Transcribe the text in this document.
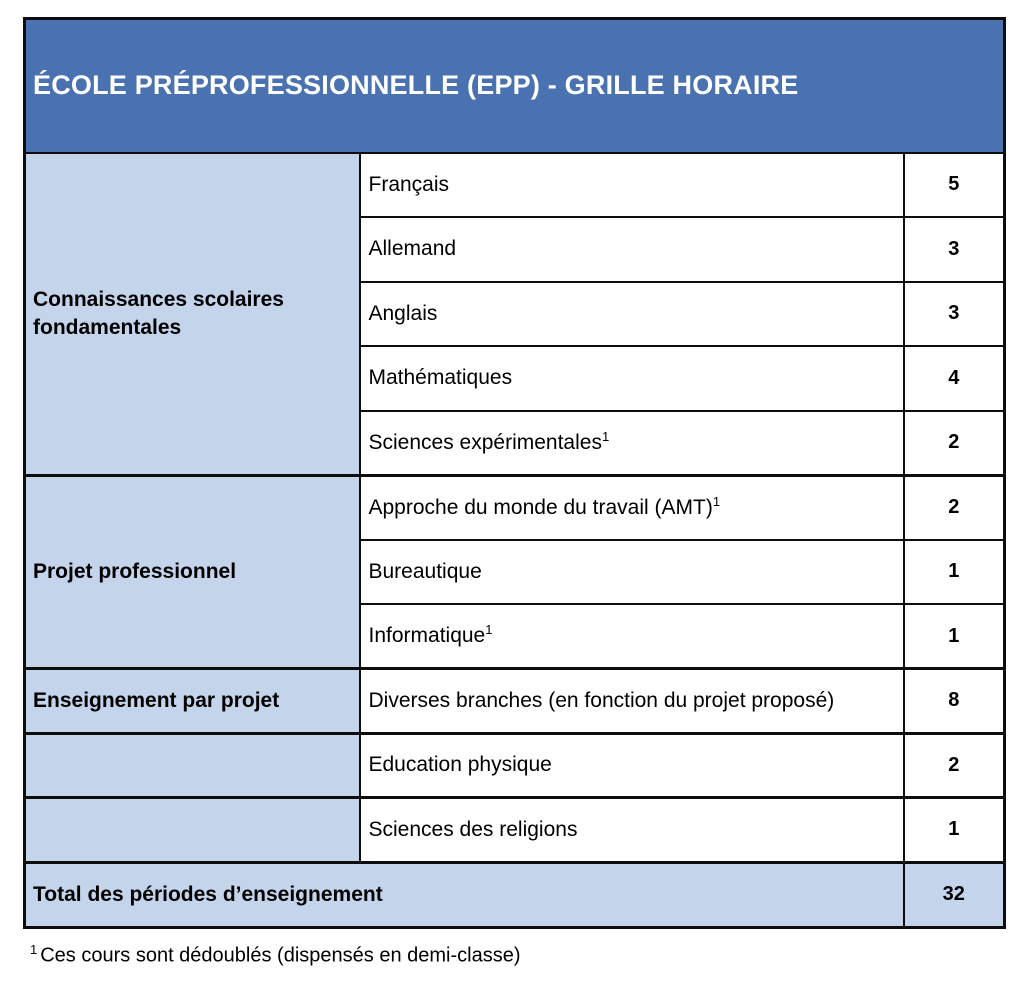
ÉCOLE PRÉPROFESSIONNELLE (EPP) - GRILLE HORAIRE		
Connaissances scolaires fondamentales	Français	5
	Allemand	3
	Anglais	3
	Mathématiques	4
	Sciences expérimentales$^1$	2
Projet professionnel	Approche du monde du travail (AMT)$^1$	2
	Bureautique	1
	Informatique$^1$	1
Enseignement par projet	Diverses branches (en fonction du projet proposé)	8
	Education physique	2
	Sciences des religions	1
Total des périodes d’enseignement		32
$^1$ Ces cours sont dédoublés (dispensés en demi-classe)
